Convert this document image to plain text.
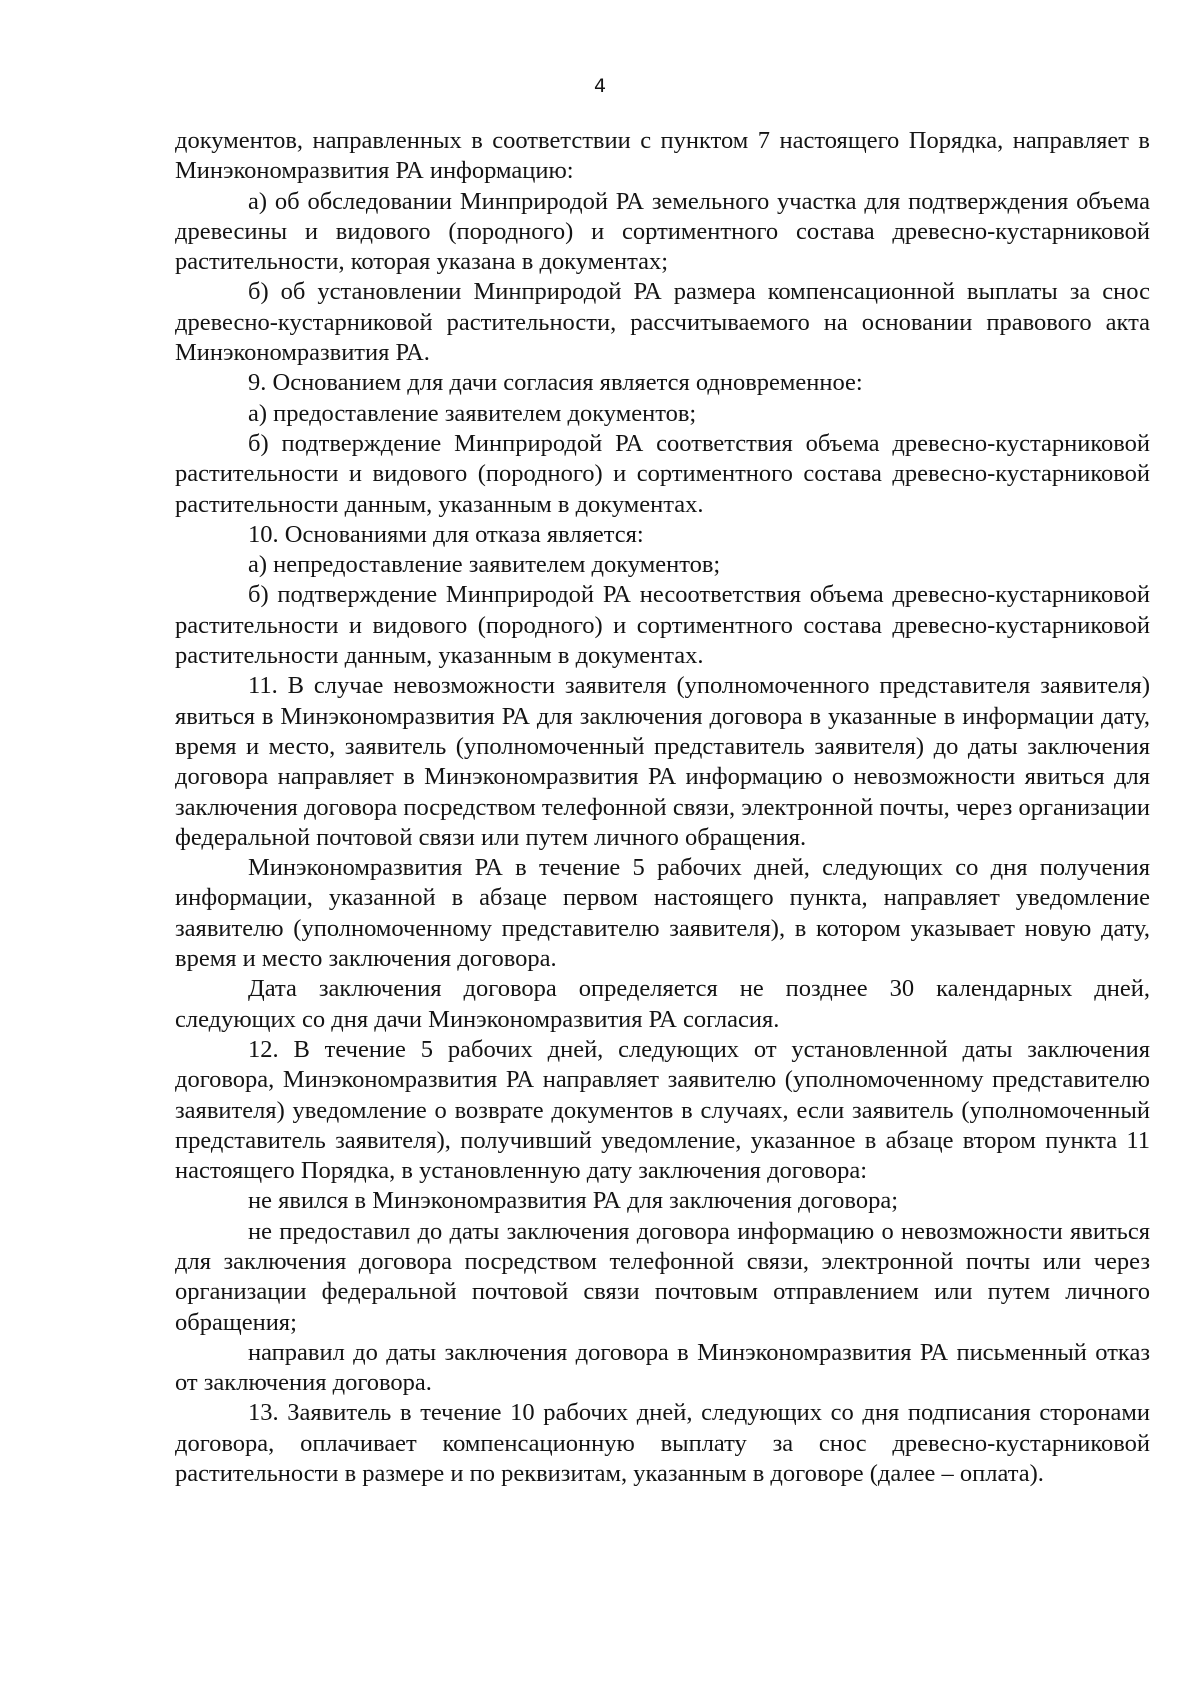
4

документов, направленных в соответствии с пунктом 7 настоящего Порядка, направляет в Минэкономразвития РА информацию:

а) об обследовании Минприродой РА земельного участка для подтверждения объема древесины и видового (породного) и сортиментного состава древесно-кустарниковой растительности, которая указана в документах;

б) об установлении Минприродой РА размера компенсационной выплаты за снос древесно-кустарниковой растительности, рассчитываемого на основании правового акта Минэкономразвития РА.

9. Основанием для дачи согласия является одновременное:

а) предоставление заявителем документов;

б) подтверждение Минприродой РА соответствия объема древесно-кустарниковой растительности и видового (породного) и сортиментного состава древесно-кустарниковой растительности данным, указанным в документах.

10. Основаниями для отказа является:

а) непредоставление заявителем документов;

б) подтверждение Минприродой РА несоответствия объема древесно-кустарниковой растительности и видового (породного) и сортиментного состава древесно-кустарниковой растительности данным, указанным в документах.

11. В случае невозможности заявителя (уполномоченного представителя заявителя) явиться в Минэкономразвития РА для заключения договора в указанные в информации дату, время и место, заявитель (уполномоченный представитель заявителя) до даты заключения договора направляет в Минэкономразвития РА информацию о невозможности явиться для заключения договора посредством телефонной связи, электронной почты, через организации федеральной почтовой связи или путем личного обращения.

Минэкономразвития РА в течение 5 рабочих дней, следующих со дня получения информации, указанной в абзаце первом настоящего пункта, направляет уведомление заявителю (уполномоченному представителю заявителя), в котором указывает новую дату, время и место заключения договора.

Дата заключения договора определяется не позднее 30 календарных дней, следующих со дня дачи Минэкономразвития РА согласия.

12. В течение 5 рабочих дней, следующих от установленной даты заключения договора, Минэкономразвития РА направляет заявителю (уполномоченному представителю заявителя) уведомление о возврате документов в случаях, если заявитель (уполномоченный представитель заявителя), получивший уведомление, указанное в абзаце втором пункта 11 настоящего Порядка, в установленную дату заключения договора:

не явился в Минэкономразвития РА для заключения договора;

не предоставил до даты заключения договора информацию о невозможности явиться для заключения договора посредством телефонной связи, электронной почты или через организации федеральной почтовой связи почтовым отправлением или путем личного обращения;

направил до даты заключения договора в Минэкономразвития РА письменный отказ от заключения договора.

13. Заявитель в течение 10 рабочих дней, следующих со дня подписания сторонами договора, оплачивает компенсационную выплату за снос древесно-кустарниковой растительности в размере и по реквизитам, указанным в договоре (далее – оплата).
